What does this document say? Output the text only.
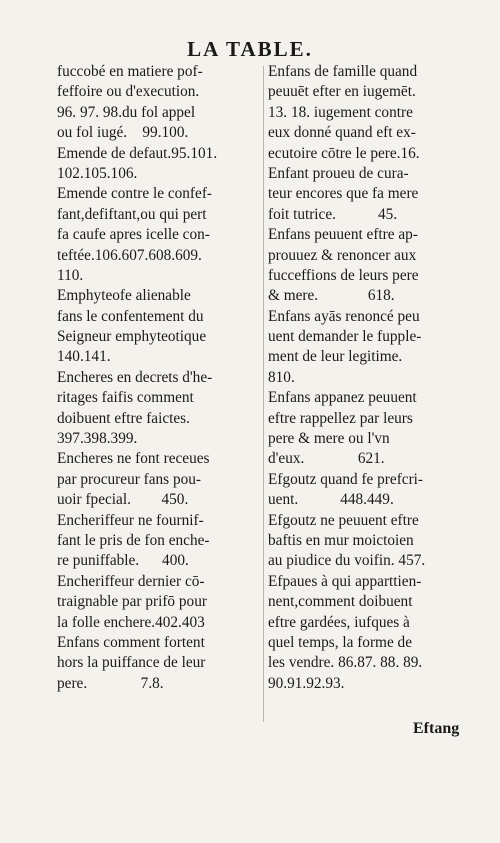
LA TABLE.
fuccobé en matiere pof-
feffoire ou d'execution.
96. 97. 98.du fol appel
ou fol iugé.    99.100.
Emende de defaut.95.101.
102.105.106.
Emende contre le confef-
fant,defiftant,ou qui pert
fa caufe apres icelle con-
teftée.106.607.608.609.
110.
Emphyteofe alienable
fans le confentement du
Seigneur emphyteotique
140.141.
Encheres en decrets d'he-
ritages faifis comment
doibuent eftre faictes.
397.398.399.
Encheres ne font receues
par procureur fans pou-
uoir fpecial.        450.
Encheriffeur ne fournif-
fant le pris de fon enche-
re puniffable.      400.
Encheriffeur dernier cō-
traignable par prifō pour
la folle enchere.402.403
Enfans comment fortent
hors la puiffance de leur
pere.              7.8.
Enfans de famille quand
peuuēt efter en iugemēt.
13. 18. iugement contre
eux donné quand eft ex-
ecutoire cōtre le pere.16.
Enfant proueu de cura-
teur encores que fa mere
foit tutrice.           45.
Enfans peuuent eftre ap-
prouuez & renoncer aux
fucceffions de leurs pere
& mere.             618.
Enfans ayās renoncé peu
uent demander le fupple-
ment de leur legitime.
810.
Enfans appanez peuuent
eftre rappellez par leurs
pere & mere ou l'vn
d'eux.              621.
Efgoutz quand fe prefcri-
uent.           448.449.
Efgoutz ne peuuent eftre
baftis en mur moictoien
au piudice du voifin. 457.
Efpaues à qui apparttien-
nent,comment doibuent
eftre gardées, iufques à
quel temps, la forme de
les vendre. 86.87. 88. 89.
90.91.92.93.
Eftang
